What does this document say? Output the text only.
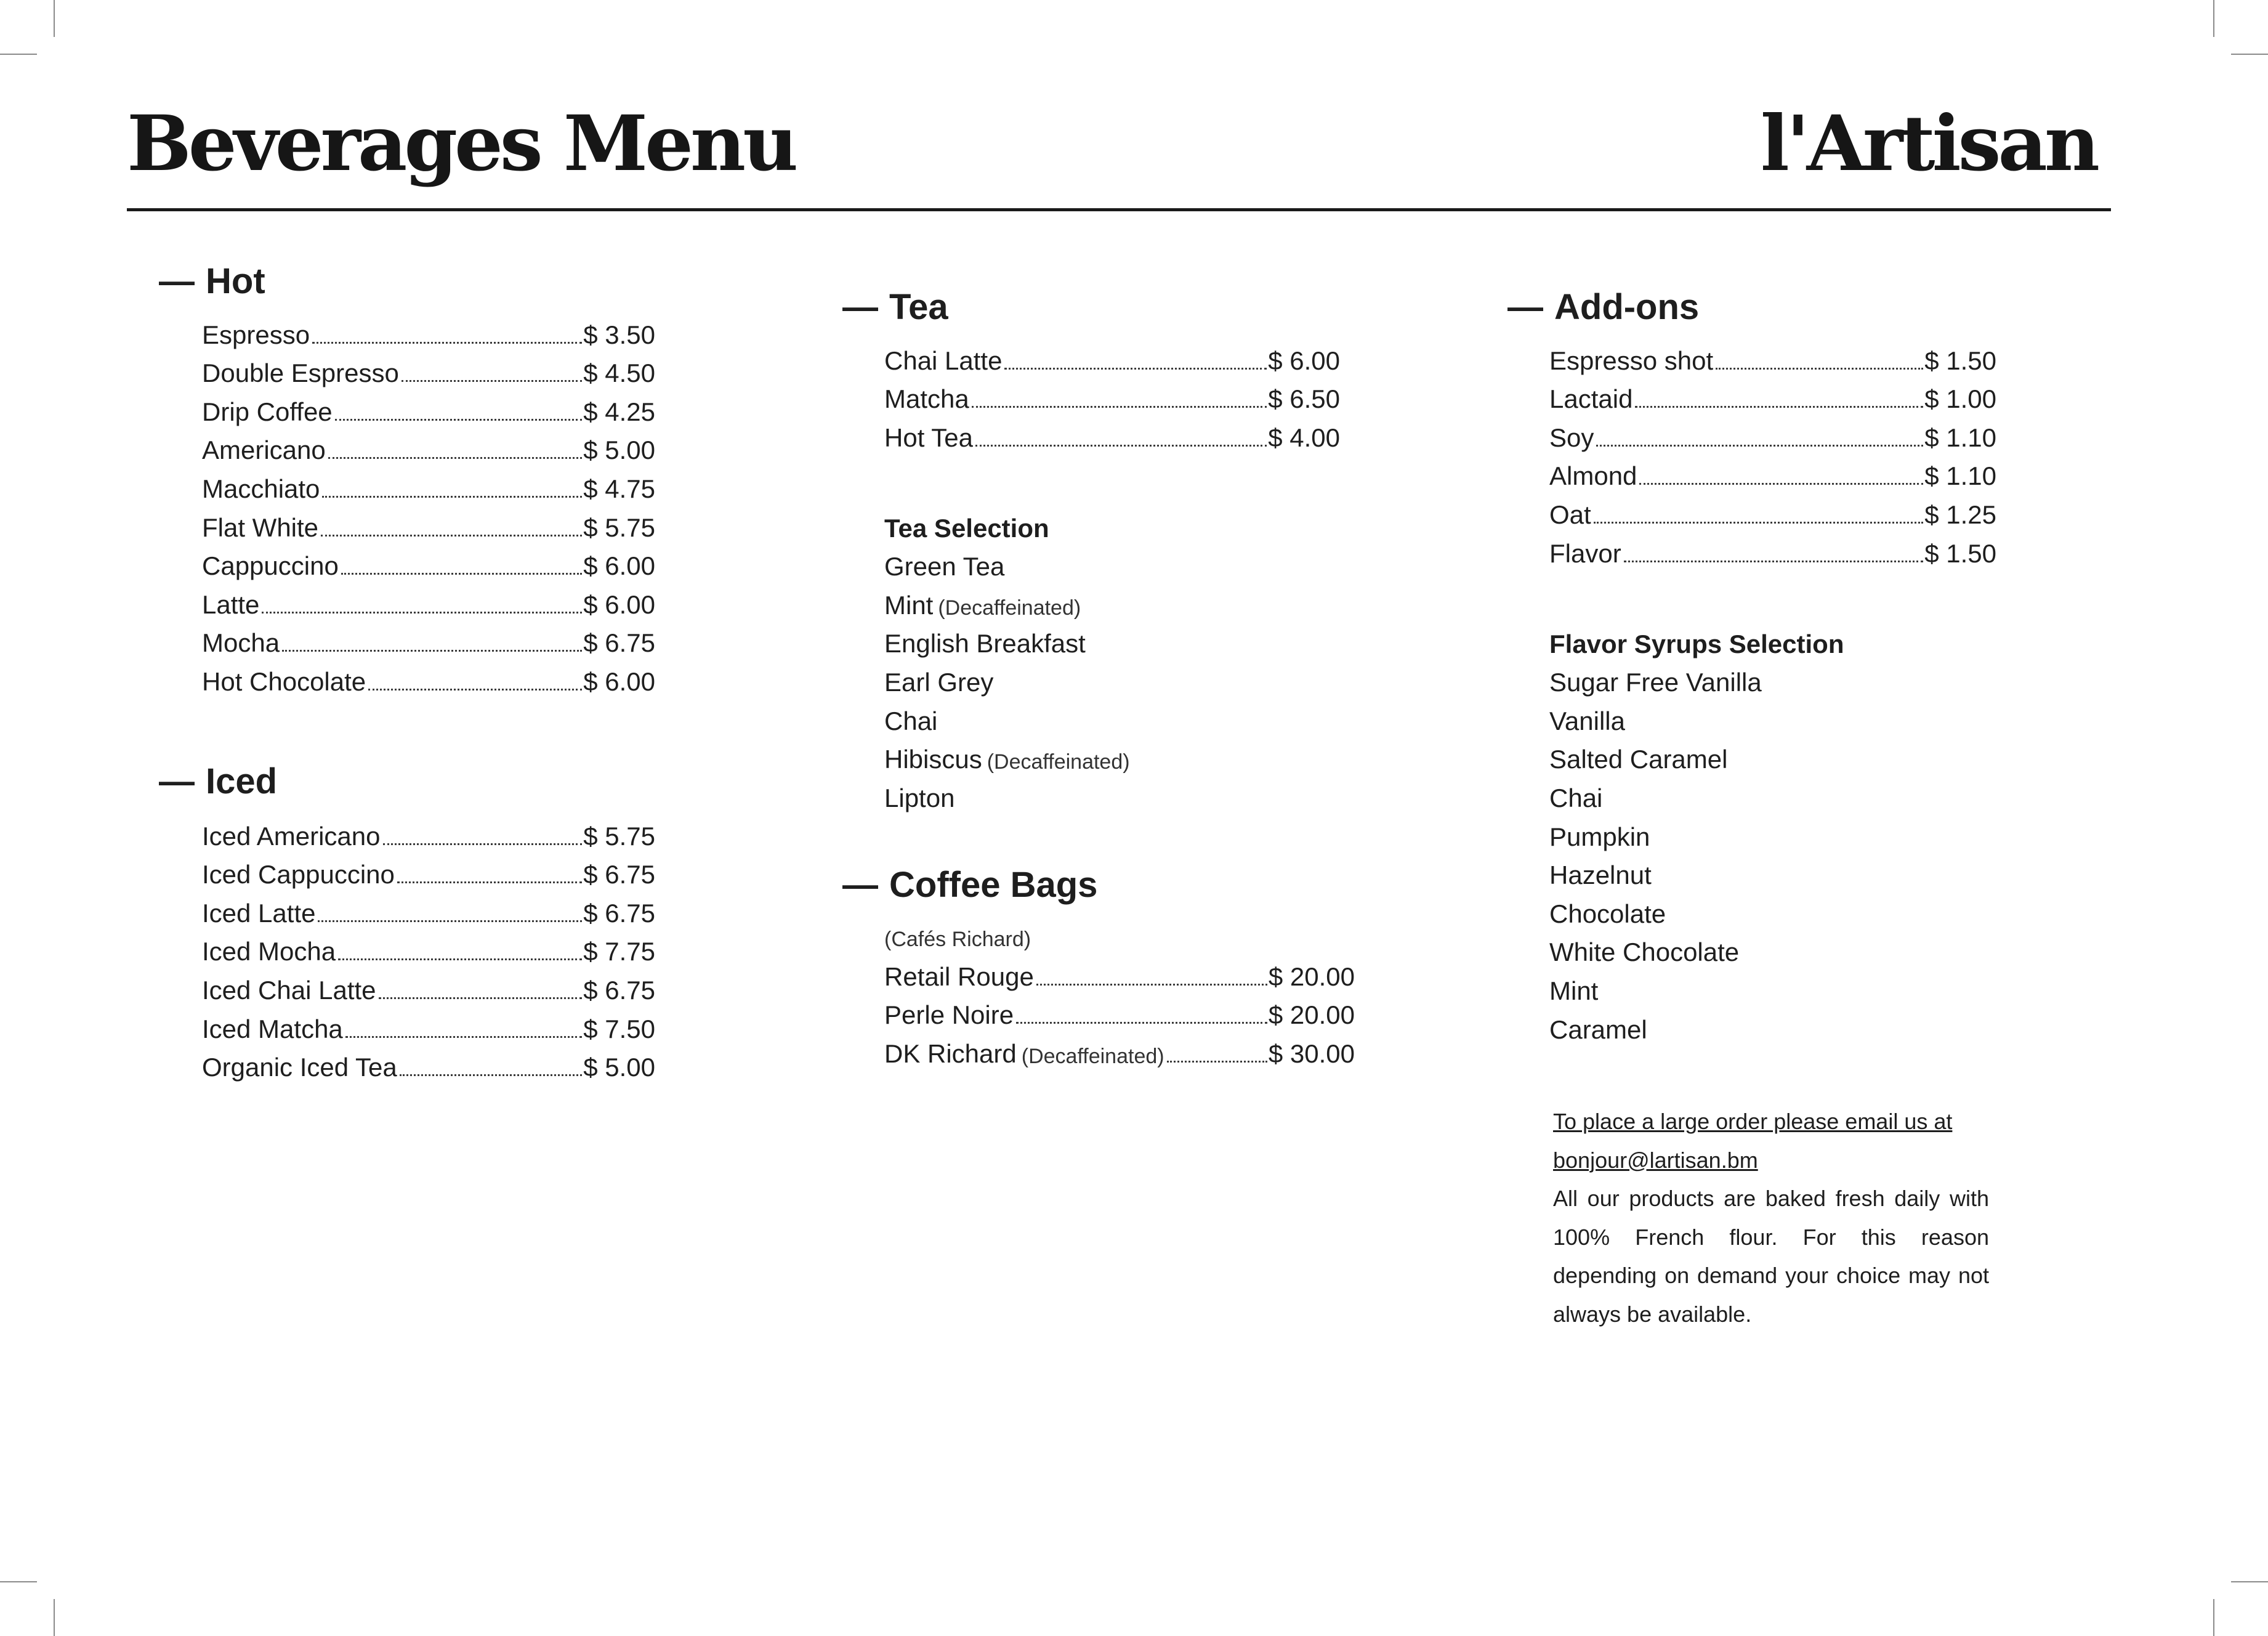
Beverages Menu	l'Artisan
— Hot
Espresso	$ 3.50
Double Espresso	$ 4.50
Drip Coffee	$ 4.25
Americano	$ 5.00
Macchiato	$ 4.75
Flat White	$ 5.75
Cappuccino	$ 6.00
Latte	$ 6.00
Mocha	$ 6.75
Hot Chocolate	$ 6.00
— Iced
Iced Americano	$ 5.75
Iced Cappuccino	$ 6.75
Iced Latte	$ 6.75
Iced Mocha	$ 7.75
Iced Chai Latte	$ 6.75
Iced Matcha	$ 7.50
Organic Iced Tea	$ 5.00
— Tea
Chai Latte	$ 6.00
Matcha	$ 6.50
Hot Tea	$ 4.00
Tea Selection
Green Tea
Mint (Decaffeinated)
English Breakfast
Earl Grey
Chai
Hibiscus (Decaffeinated)
Lipton
— Coffee Bags
(Cafés Richard)
Retail Rouge	$ 20.00
Perle Noire	$ 20.00
DK Richard (Decaffeinated)	$ 30.00
— Add-ons
Espresso shot	$ 1.50
Lactaid	$ 1.00
Soy	$ 1.10
Almond	$ 1.10
Oat	$ 1.25
Flavor	$ 1.50
Flavor Syrups Selection
Sugar Free Vanilla
Vanilla
Salted Caramel
Chai
Pumpkin
Hazelnut
Chocolate
White Chocolate
Mint
Caramel
To place a large order please email us at
bonjour@lartisan.bm
All our products are baked fresh daily with 100% French flour. For this reason depending on demand your choice may not always be available.
